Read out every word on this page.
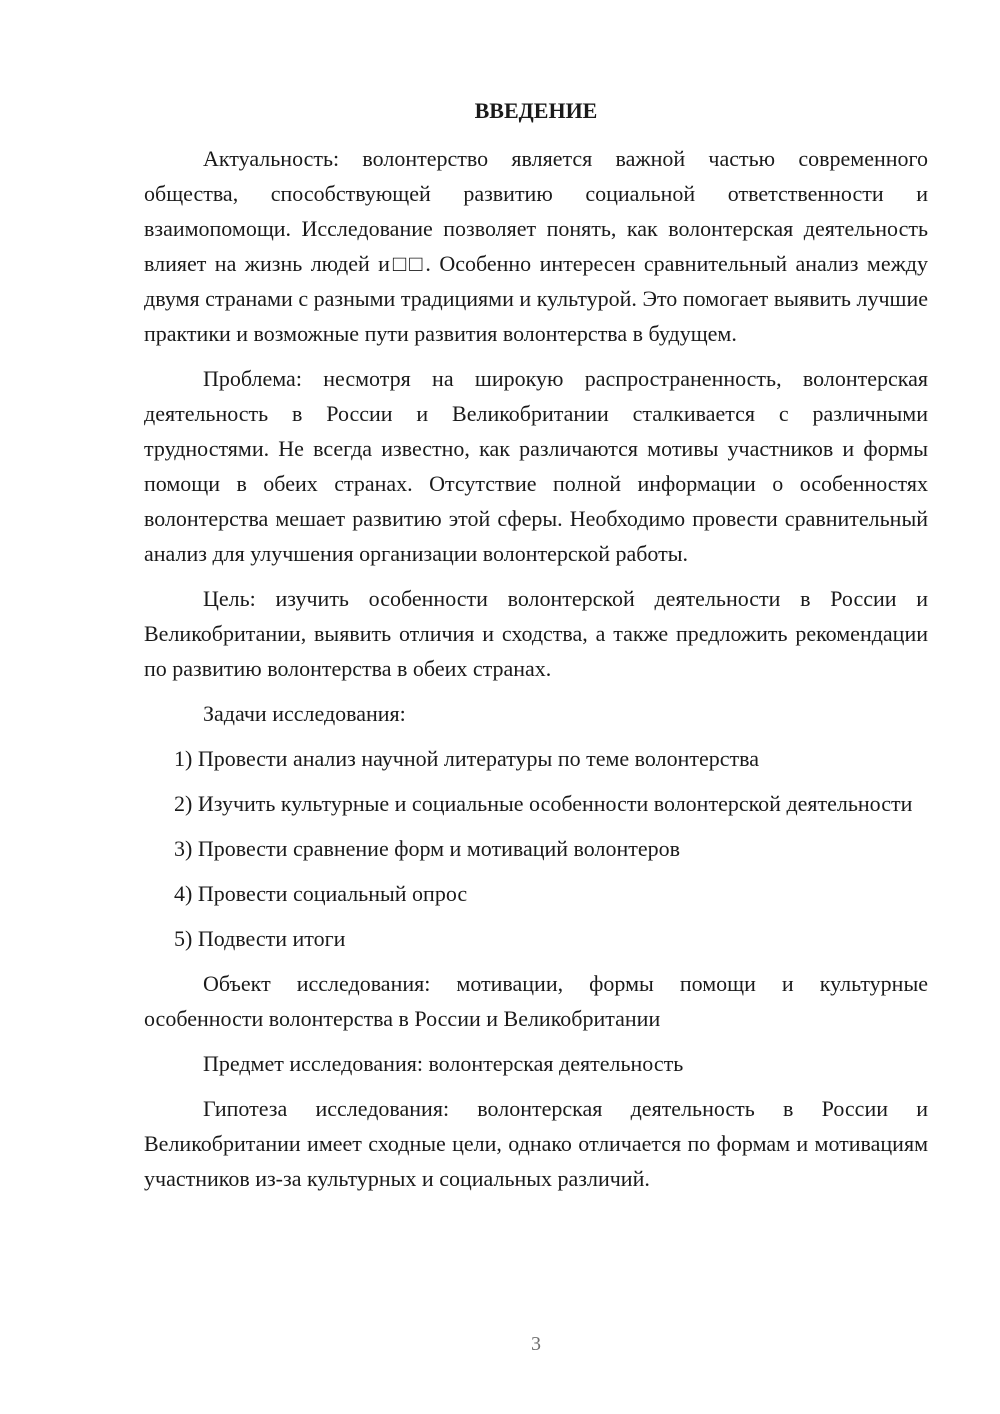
ВВЕДЕНИЕ

Актуальность: волонтерство является важной частью современного общества, способствующей развитию социальной ответственности и взаимопомощи. Исследование позволяет понять, как волонтерская деятельность влияет на жизнь людей и□□. Особенно интересен сравнительный анализ между двумя странами с разными традициями и культурой. Это помогает выявить лучшие практики и возможные пути развития волонтерства в будущем.

Проблема: несмотря на широкую распространенность, волонтерская деятельность в России и Великобритании сталкивается с различными трудностями. Не всегда известно, как различаются мотивы участников и формы помощи в обеих странах. Отсутствие полной информации о особенностях волонтерства мешает развитию этой сферы. Необходимо провести сравнительный анализ для улучшения организации волонтерской работы.

Цель: изучить особенности волонтерской деятельности в России и Великобритании, выявить отличия и сходства, а также предложить рекомендации по развитию волонтерства в обеих странах.

Задачи исследования:

1) Провести анализ научной литературы по теме волонтерства

2) Изучить культурные и социальные особенности волонтерской деятельности

3) Провести сравнение форм и мотиваций волонтеров

4) Провести социальный опрос

5) Подвести итоги

Объект исследования: мотивации, формы помощи и культурные особенности волонтерства в России и Великобритании

Предмет исследования: волонтерская деятельность

Гипотеза исследования: волонтерская деятельность в России и Великобритании имеет сходные цели, однако отличается по формам и мотивациям участников из-за культурных и социальных различий.

3
